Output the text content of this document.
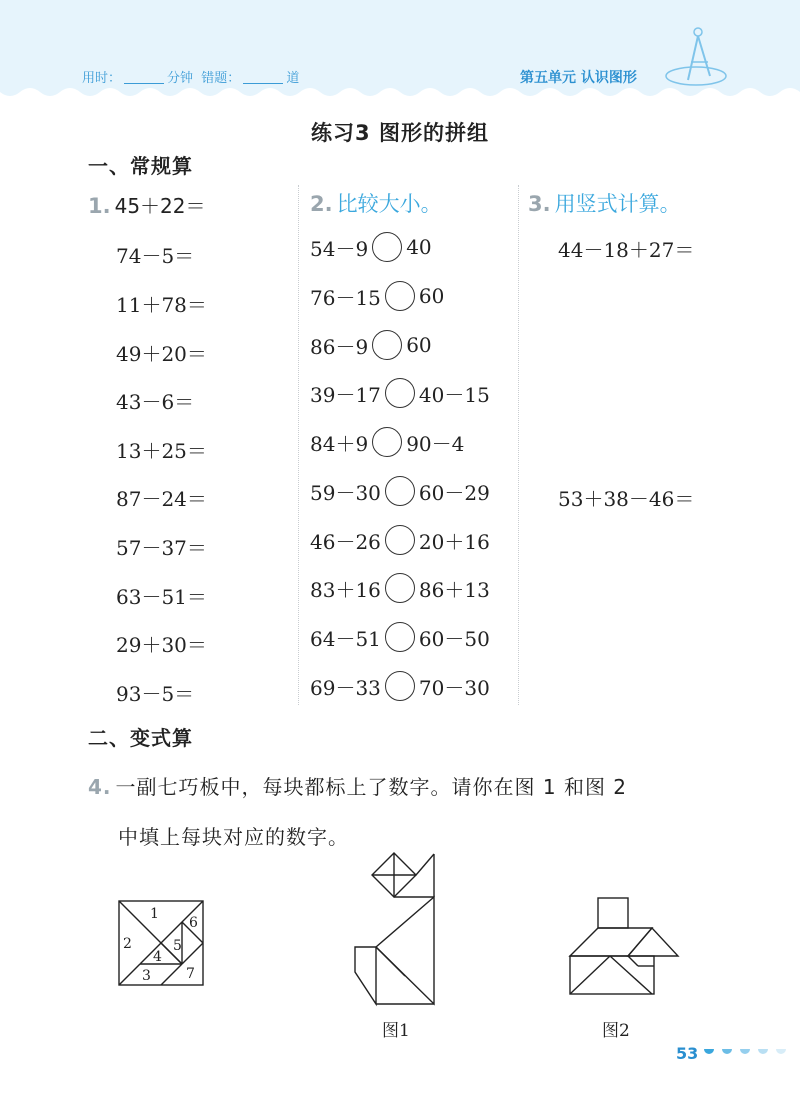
用时：	分钟 错题：	道	第五单元 认识图形
练习3 图形的拼组
一、常规算
1. 45＋22＝
74－5＝
11＋78＝
49＋20＝
43－6＝
13＋25＝
87－24＝
57－37＝
63－51＝
29＋30＝
93－5＝
2. 比较大小。
54－9 40
76－15 60
86－9 60
39－17 40－15
84＋9 90－4
59－30 60－29
46－26 20＋16
83＋16 86＋13
64－51 60－50
69－33 70－30
3. 用竖式计算。
44－18＋27＝
53＋38－46＝
二、变式算
4. 一副七巧板中，每块都标上了数字。请你在图 1 和图 2
中填上每块对应的数字。
1
2
3
4
5
6
7
图1	图2
53
